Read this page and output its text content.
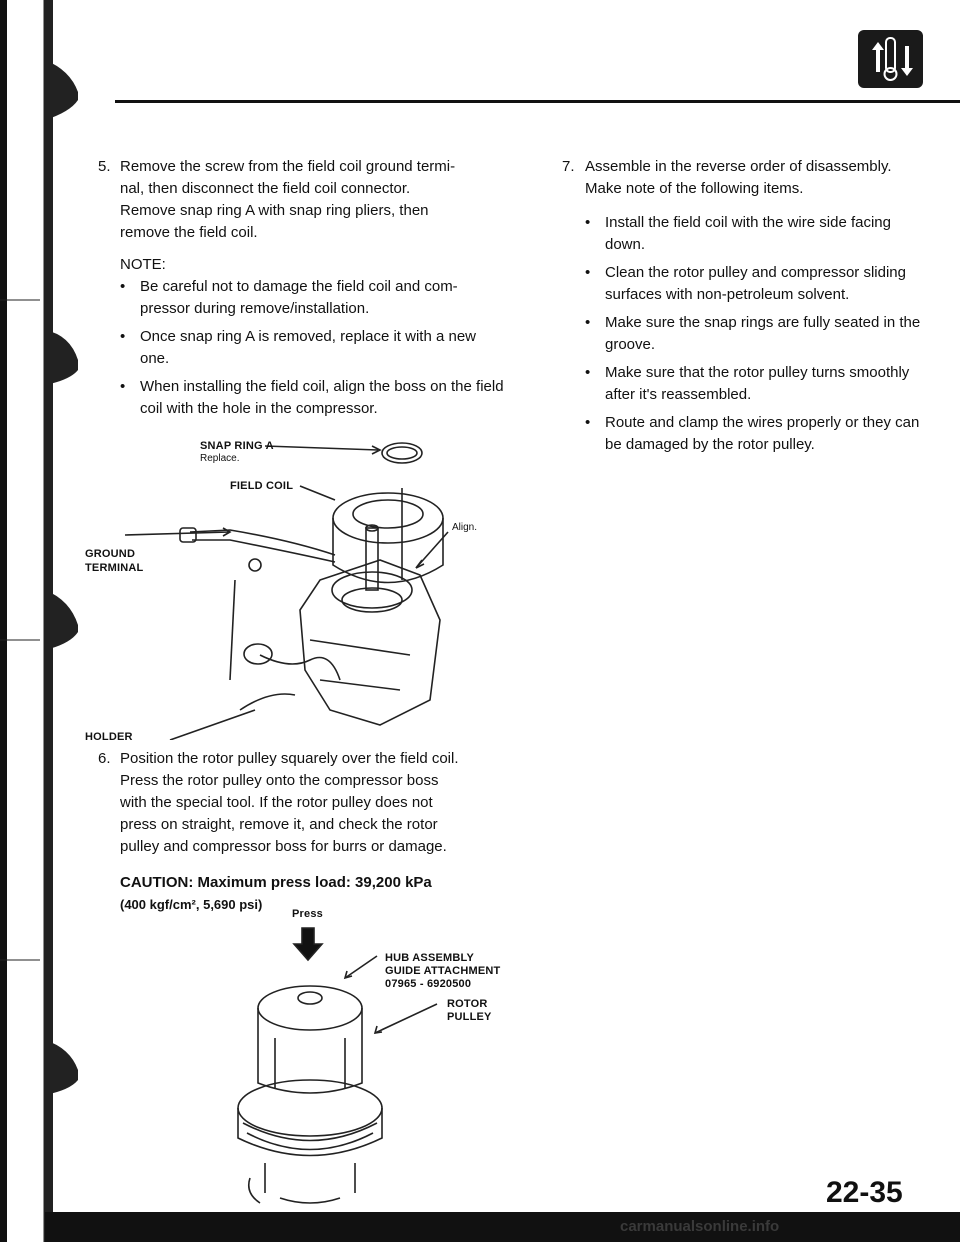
5. Remove the screw from the field coil ground termi-

nal, then disconnect the field coil connector.

Remove snap ring A with snap ring pliers, then

remove the field coil.

NOTE:

• Be careful not to damage the field coil and com-pressor during remove/installation.
• Once snap ring A is removed, replace it with a new one.
• When installing the field coil, align the boss on the field coil with the hole in the compressor.
SNAP RING A
Replace.
FIELD COIL
Align.
GROUND
TERMINAL
HOLDER
6. Position the rotor pulley squarely over the field coil.

Press the rotor pulley onto the compressor boss

with the special tool. If the rotor pulley does not

press on straight, remove it, and check the rotor

pulley and compressor boss for burrs or damage.

CAUTION: Maximum press load: 39,200 kPa

(400 kgf/cm², 5,690 psi)

Press
HUB ASSEMBLY
GUIDE ATTACHMENT
07965 - 6920500
ROTOR
PULLEY
7. Assemble in the reverse order of disassembly.

Make note of the following items.

• Install the field coil with the wire side facing down.
• Clean the rotor pulley and compressor sliding surfaces with non-petroleum solvent.
• Make sure the snap rings are fully seated in the groove.
• Make sure that the rotor pulley turns smoothly after it's reassembled.
• Route and clamp the wires properly or they can be damaged by the rotor pulley.
22-35
carmanualsonline.info
